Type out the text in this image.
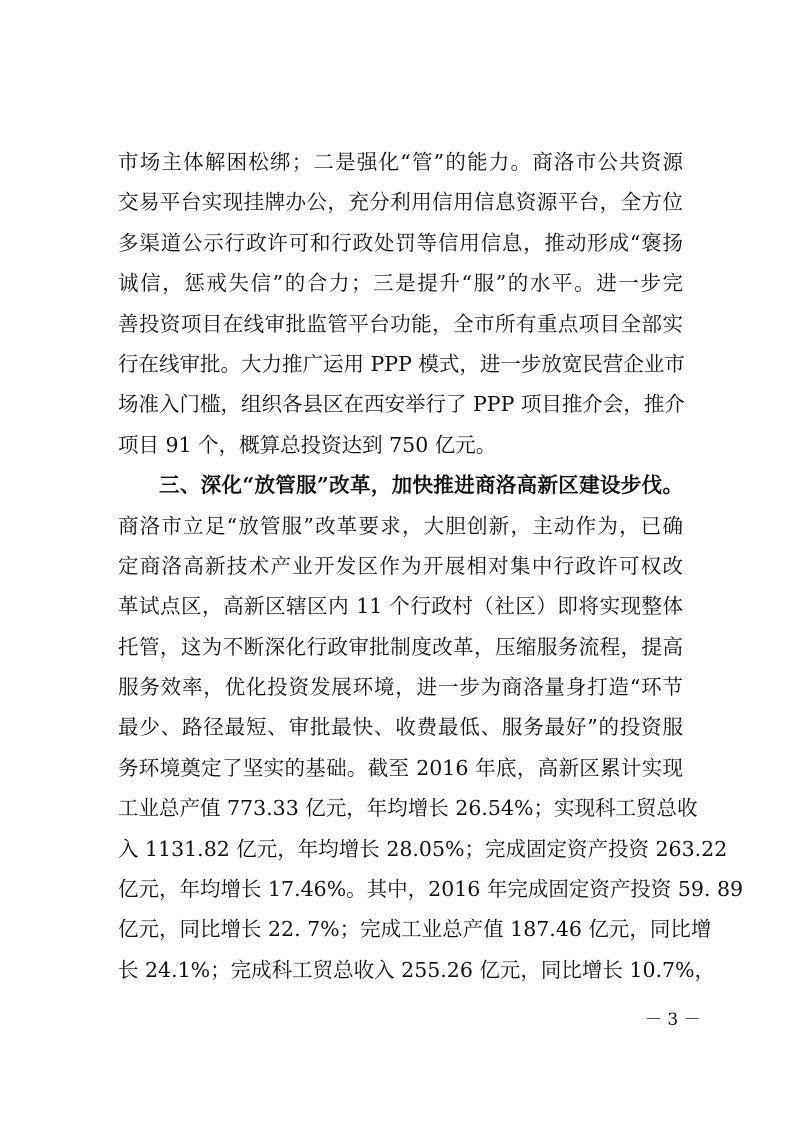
市场主体解困松绑；二是强化“管”的能力。商洛市公共资源
交易平台实现挂牌办公，充分利用信用信息资源平台，全方位
多渠道公示行政许可和行政处罚等信用信息，推动形成“褒扬
诚信，惩戒失信”的合力；三是提升“服”的水平。进一步完
善投资项目在线审批监管平台功能，全市所有重点项目全部实
行在线审批。大力推广运用 PPP 模式，进一步放宽民营企业市
场准入门槛，组织各县区在西安举行了 PPP 项目推介会，推介
项目 91 个，概算总投资达到 750 亿元。
三、深化“放管服”改革，加快推进商洛高新区建设步伐。
商洛市立足“放管服”改革要求，大胆创新，主动作为，已确
定商洛高新技术产业开发区作为开展相对集中行政许可权改
革试点区，高新区辖区内 11 个行政村（社区）即将实现整体
托管，这为不断深化行政审批制度改革，压缩服务流程，提高
服务效率，优化投资发展环境，进一步为商洛量身打造“环节
最少、路径最短、审批最快、收费最低、服务最好”的投资服
务环境奠定了坚实的基础。截至 2016 年底，高新区累计实现
工业总产值 773.33 亿元，年均增长 26.54%；实现科工贸总收
入 1131.82 亿元，年均增长 28.05%；完成固定资产投资 263.22
亿元，年均增长 17.46%。其中，2016 年完成固定资产投资 59. 89
亿元，同比增长 22. 7%；完成工业总产值 187.46 亿元，同比增
长 24.1%；完成科工贸总收入 255.26 亿元，同比增长 10.7%，
－ 3 －
